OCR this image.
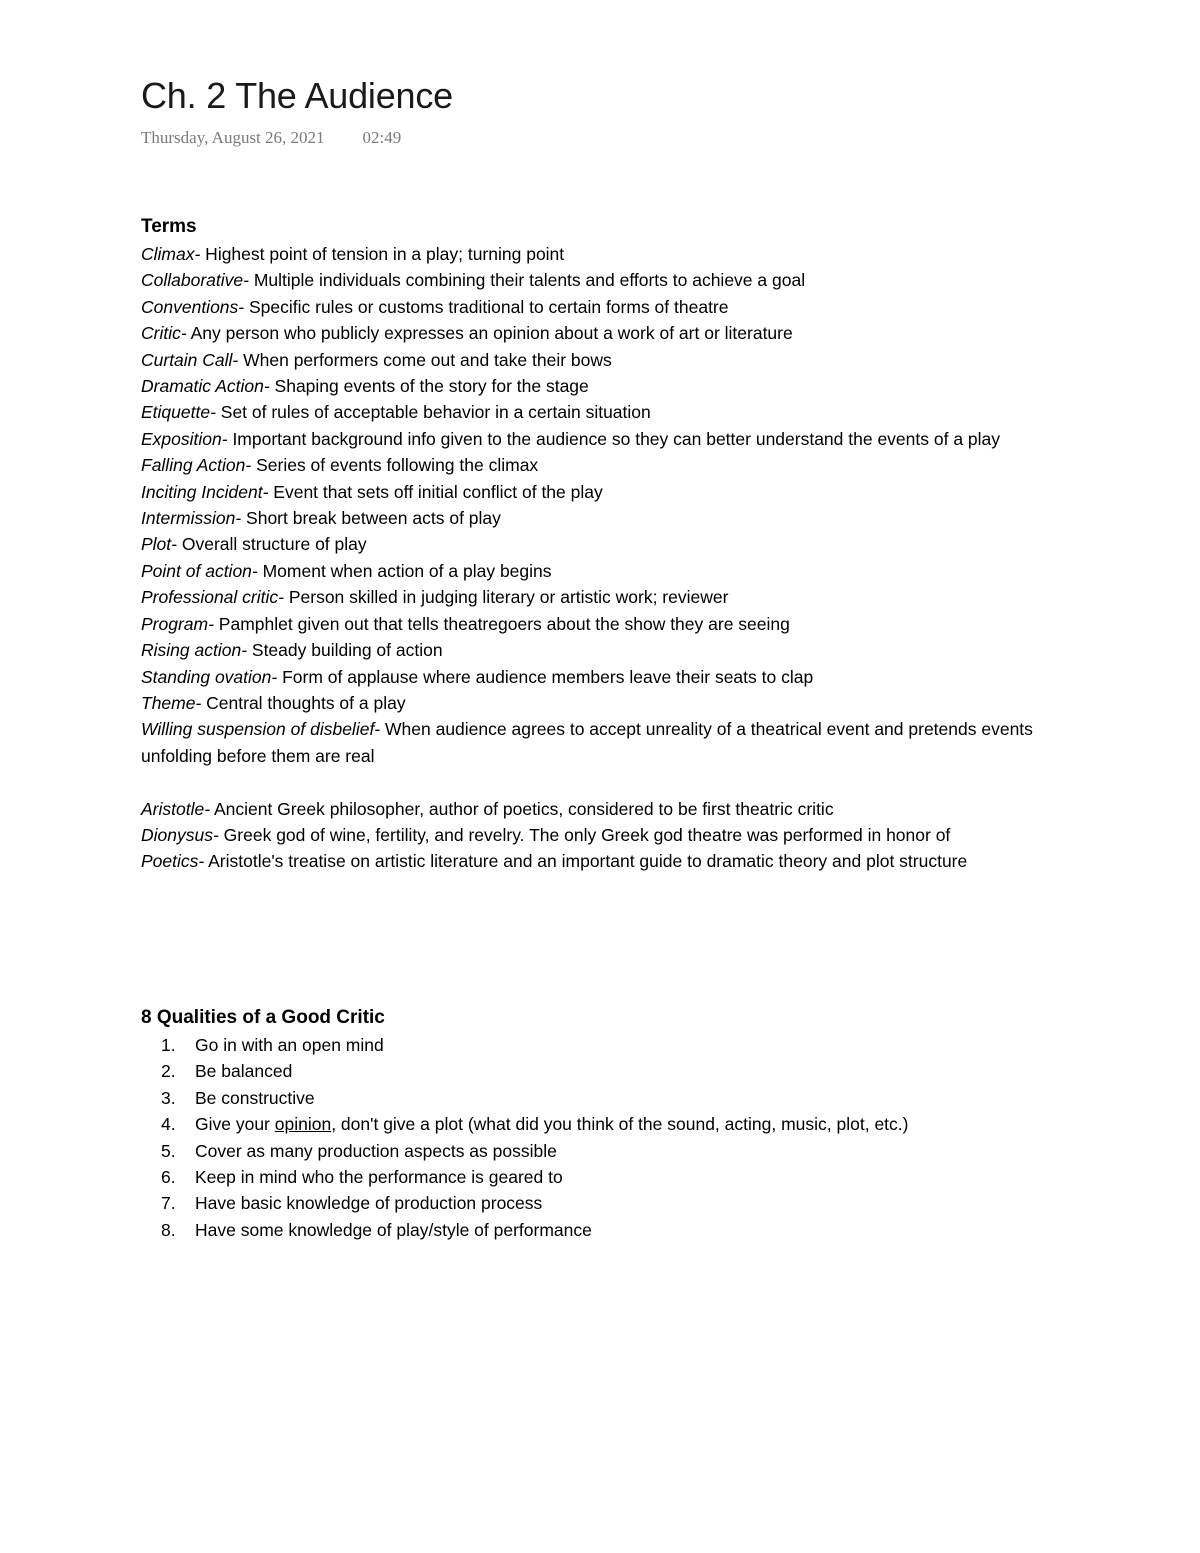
Ch. 2 The Audience
Thursday, August 26, 2021 02:49
Terms
Climax- Highest point of tension in a play; turning point
Collaborative- Multiple individuals combining their talents and efforts to achieve a goal
Conventions- Specific rules or customs traditional to certain forms of theatre
Critic- Any person who publicly expresses an opinion about a work of art or literature
Curtain Call- When performers come out and take their bows
Dramatic Action- Shaping events of the story for the stage
Etiquette- Set of rules of acceptable behavior in a certain situation
Exposition- Important background info given to the audience so they can better understand the events of a play
Falling Action- Series of events following the climax
Inciting Incident- Event that sets off initial conflict of the play
Intermission- Short break between acts of play
Plot- Overall structure of play
Point of action- Moment when action of a play begins
Professional critic- Person skilled in judging literary or artistic work; reviewer
Program- Pamphlet given out that tells theatregoers about the show they are seeing
Rising action- Steady building of action
Standing ovation- Form of applause where audience members leave their seats to clap
Theme- Central thoughts of a play
Willing suspension of disbelief- When audience agrees to accept unreality of a theatrical event and pretends events unfolding before them are real
Aristotle- Ancient Greek philosopher, author of poetics, considered to be first theatric critic
Dionysus- Greek god of wine, fertility, and revelry. The only Greek god theatre was performed in honor of
Poetics- Aristotle's treatise on artistic literature and an important guide to dramatic theory and plot structure
8 Qualities of a Good Critic
1.	Go in with an open mind
2.	Be balanced
3.	Be constructive
4.	Give your opinion, don't give a plot (what did you think of the sound, acting, music, plot, etc.)
5.	Cover as many production aspects as possible
6.	Keep in mind who the performance is geared to
7.	Have basic knowledge of production process
8.	Have some knowledge of play/style of performance
